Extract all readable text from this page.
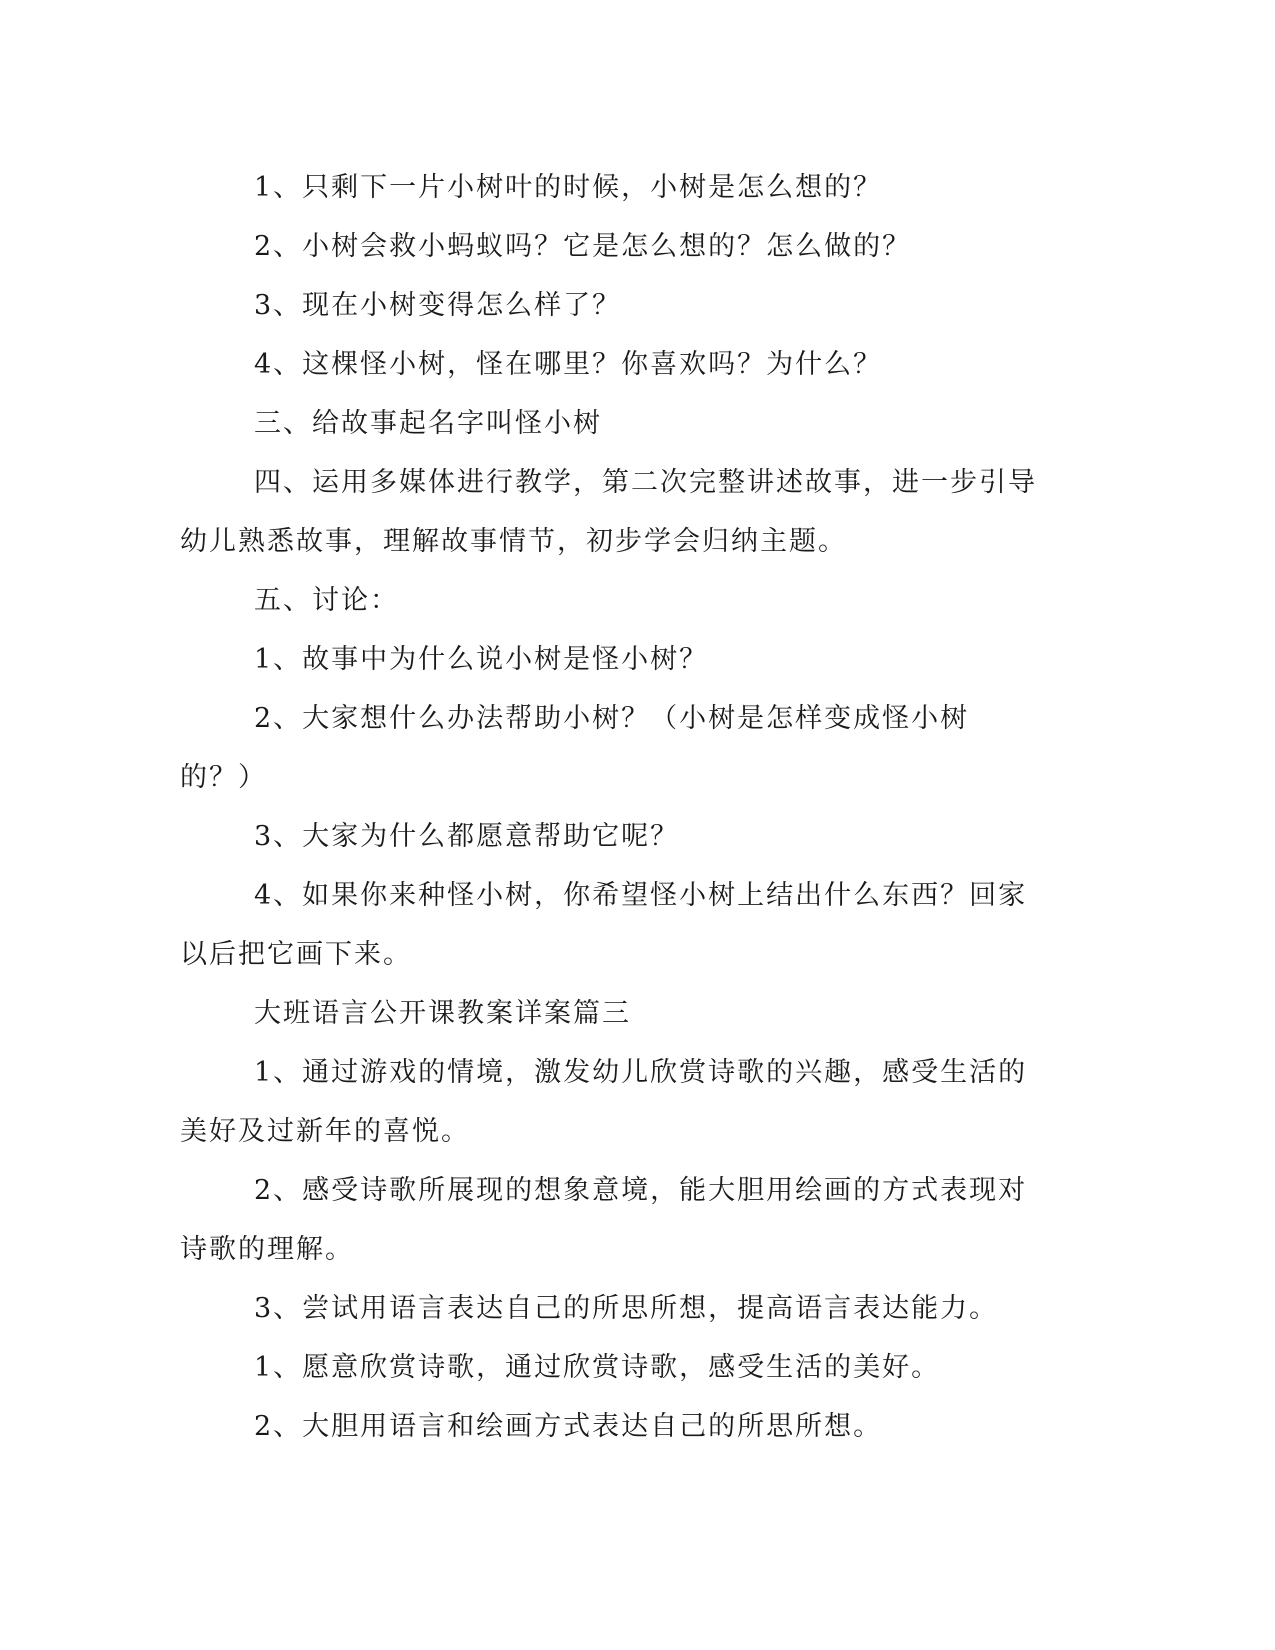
1、只剩下一片小树叶的时候，小树是怎么想的？

2、小树会救小蚂蚁吗？它是怎么想的？怎么做的？

3、现在小树变得怎么样了？

4、这棵怪小树，怪在哪里？你喜欢吗？为什么？

三、给故事起名字叫怪小树

四、运用多媒体进行教学，第二次完整讲述故事，进一步引导幼儿熟悉故事，理解故事情节，初步学会归纳主题。

五、讨论：

1、故事中为什么说小树是怪小树？

2、大家想什么办法帮助小树？（小树是怎样变成怪小树的？）

3、大家为什么都愿意帮助它呢？

4、如果你来种怪小树，你希望怪小树上结出什么东西？回家以后把它画下来。

大班语言公开课教案详案篇三

1、通过游戏的情境，激发幼儿欣赏诗歌的兴趣，感受生活的美好及过新年的喜悦。

2、感受诗歌所展现的想象意境，能大胆用绘画的方式表现对诗歌的理解。

3、尝试用语言表达自己的所思所想，提高语言表达能力。

1、愿意欣赏诗歌，通过欣赏诗歌，感受生活的美好。

2、大胆用语言和绘画方式表达自己的所思所想。
